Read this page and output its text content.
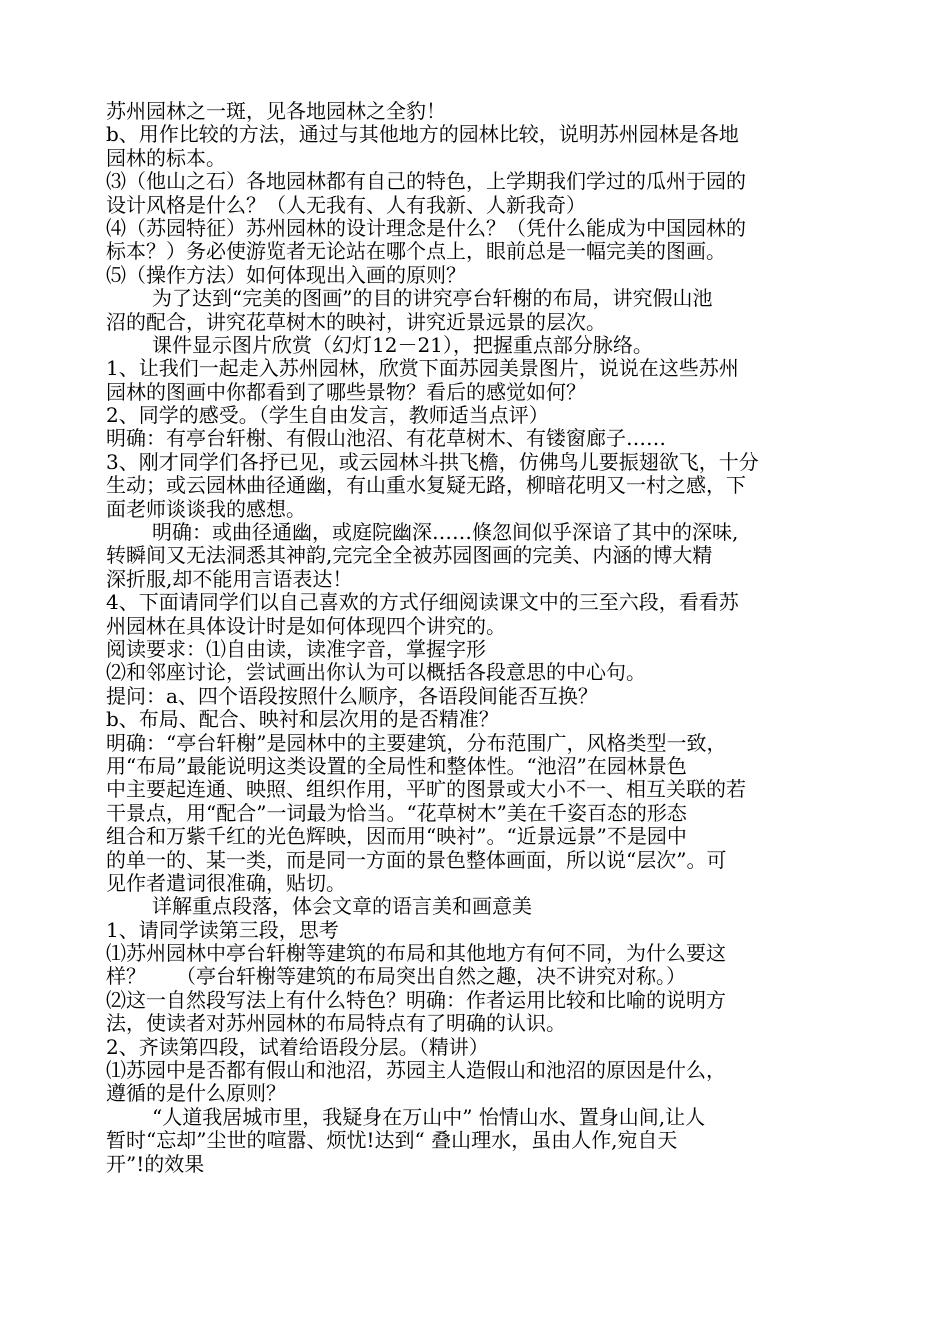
苏州园林之一斑，见各地园林之全豹！
b、用作比较的方法，通过与其他地方的园林比较，说明苏州园林是各地
园林的标本。
⑶（他山之石）各地园林都有自己的特色，上学期我们学过的瓜州于园的
设计风格是什么？（人无我有、人有我新、人新我奇）
⑷（苏园特征）苏州园林的设计理念是什么？（凭什么能成为中国园林的
标本？）务必使游览者无论站在哪个点上，眼前总是一幅完美的图画。
⑸（操作方法）如何体现出入画的原则？
为了达到“完美的图画”的目的讲究亭台轩榭的布局，讲究假山池
沼的配合，讲究花草树木的映衬，讲究近景远景的层次。
课件显示图片欣赏（幻灯12－21），把握重点部分脉络。
1、让我们一起走入苏州园林，欣赏下面苏园美景图片，说说在这些苏州
园林的图画中你都看到了哪些景物？看后的感觉如何？
2、同学的感受。（学生自由发言，教师适当点评）
明确：有亭台轩榭、有假山池沼、有花草树木、有镂窗廊子……
3、刚才同学们各抒已见，或云园林斗拱飞檐，仿佛鸟儿要振翅欲飞，十分
生动；或云园林曲径通幽，有山重水复疑无路，柳暗花明又一村之感，下
面老师谈谈我的感想。
明确：或曲径通幽，或庭院幽深……倏忽间似乎深谙了其中的深味,
转瞬间又无法洞悉其神韵,完完全全被苏园图画的完美、内涵的博大精
深折服,却不能用言语表达！
4、下面请同学们以自己喜欢的方式仔细阅读课文中的三至六段，看看苏
州园林在具体设计时是如何体现四个讲究的。
阅读要求：⑴自由读，读准字音，掌握字形
⑵和邻座讨论，尝试画出你认为可以概括各段意思的中心句。
提问：a、四个语段按照什么顺序，各语段间能否互换？
b、布局、配合、映衬和层次用的是否精准？
明确：“亭台轩榭”是园林中的主要建筑，分布范围广，风格类型一致，
用“布局”最能说明这类设置的全局性和整体性。“池沼”在园林景色
中主要起连通、映照、组织作用，平旷的图景或大小不一、相互关联的若
干景点，用“配合”一词最为恰当。“花草树木”美在千姿百态的形态
组合和万紫千红的光色辉映，因而用“映衬”。“近景远景”不是园中
的单一的、某一类，而是同一方面的景色整体画面，所以说“层次”。可
见作者遣词很准确，贴切。
详解重点段落，体会文章的语言美和画意美
1、请同学读第三段，思考
⑴苏州园林中亭台轩榭等建筑的布局和其他地方有何不同，为什么要这
样？　　（亭台轩榭等建筑的布局突出自然之趣，决不讲究对称。）
⑵这一自然段写法上有什么特色？明确：作者运用比较和比喻的说明方
法，使读者对苏州园林的布局特点有了明确的认识。
2、齐读第四段，试着给语段分层。（精讲）
⑴苏园中是否都有假山和池沼，苏园主人造假山和池沼的原因是什么，
遵循的是什么原则？
“人道我居城市里，我疑身在万山中” 怡情山水、置身山间,让人
暂时“忘却”尘世的喧嚣、烦忧!达到“ 叠山理水，虽由人作,宛自天
开”!的效果
